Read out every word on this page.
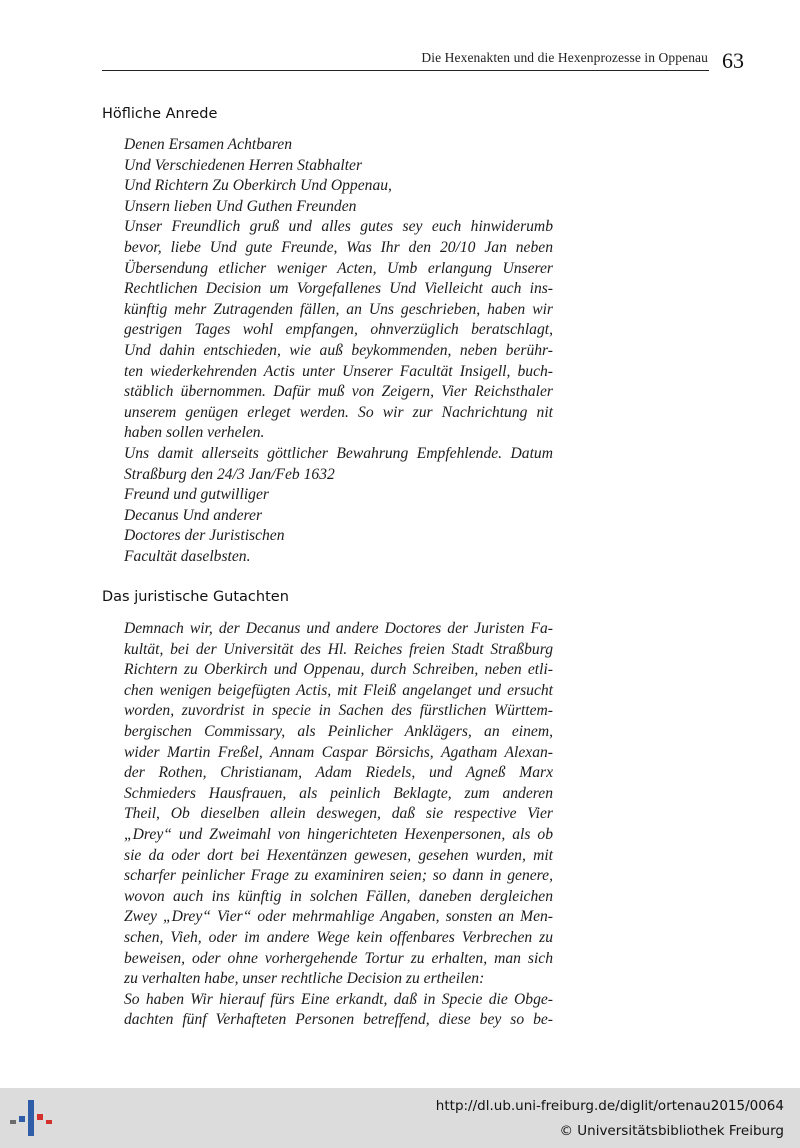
Die Hexenakten und die Hexenprozesse in Oppenau 63
Höfliche Anrede
Denen Ersamen Achtbaren
Und Verschiedenen Herren Stabhalter
Und Richtern Zu Oberkirch Und Oppenau,
Unsern lieben Und Guthen Freunden
Unser Freundlich gruß und alles gutes sey euch hinwiderumb
bevor, liebe Und gute Freunde, Was Ihr den 20/10 Jan neben
Übersendung etlicher weniger Acten, Umb erlangung Unserer
Rechtlichen Decision um Vorgefallenes Und Vielleicht auch ins-
künftig mehr Zutragenden fällen, an Uns geschrieben, haben wir
gestrigen Tages wohl empfangen, ohnverzüglich beratschlagt,
Und dahin entschieden, wie auß beykommenden, neben berühr-
ten wiederkehrenden Actis unter Unserer Facultät Insigell, buch-
stäblich übernommen. Dafür muß von Zeigern, Vier Reichsthaler
unserem genügen erleget werden. So wir zur Nachrichtung nit
haben sollen verhelen.
Uns damit allerseits göttlicher Bewahrung Empfehlende. Datum
Straßburg den 24/3 Jan/Feb 1632
Freund und gutwilliger
Decanus Und anderer
Doctores der Juristischen
Facultät daselbsten.
Das juristische Gutachten
Demnach wir, der Decanus und andere Doctores der Juristen Fa-
kultät, bei der Universität des Hl. Reiches freien Stadt Straßburg
Richtern zu Oberkirch und Oppenau, durch Schreiben, neben etli-
chen wenigen beigefügten Actis, mit Fleiß angelanget und ersucht
worden, zuvordrist in specie in Sachen des fürstlichen Württem-
bergischen Commissary, als Peinlicher Anklägers, an einem,
wider Martin Freßel, Annam Caspar Börsichs, Agatham Alexan-
der Rothen, Christianam, Adam Riedels, und Agneß Marx
Schmieders Hausfrauen, als peinlich Beklagte, zum anderen
Theil, Ob dieselben allein deswegen, daß sie respective Vier
„Drey“ und Zweimahl von hingerichteten Hexenpersonen, als ob
sie da oder dort bei Hexentänzen gewesen, gesehen wurden, mit
scharfer peinlicher Frage zu examiniren seien; so dann in genere,
wovon auch ins künftig in solchen Fällen, daneben dergleichen
Zwey „Drey“ Vier“ oder mehrmahlige Angaben, sonsten an Men-
schen, Vieh, oder im andere Wege kein offenbares Verbrechen zu
beweisen, oder ohne vorhergehende Tortur zu erhalten, man sich
zu verhalten habe, unser rechtliche Decision zu ertheilen:
So haben Wir hierauf fürs Eine erkandt, daß in Specie die Obge-
dachten fünf Verhafteten Personen betreffend, diese bey so be-
http://dl.ub.uni-freiburg.de/diglit/ortenau2015/0064
© Universitätsbibliothek Freiburg
